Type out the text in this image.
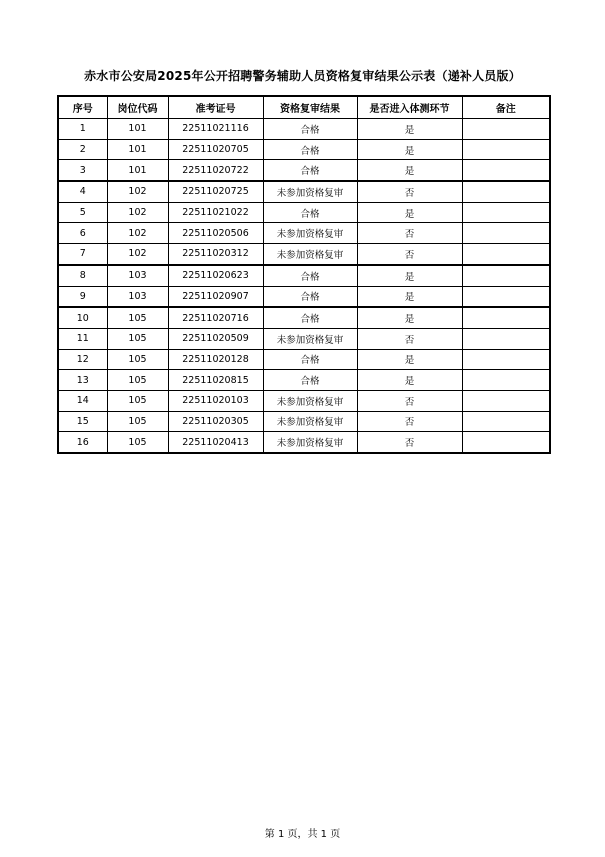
赤水市公安局2025年公开招聘警务辅助人员资格复审结果公示表（递补人员版）
序号	岗位代码	准考证号	资格复审结果	是否进入体测环节	备注
1	101	22511021116	合格	是	
2	101	22511020705	合格	是	
3	101	22511020722	合格	是	
4	102	22511020725	未参加资格复审	否	
5	102	22511021022	合格	是	
6	102	22511020506	未参加资格复审	否	
7	102	22511020312	未参加资格复审	否	
8	103	22511020623	合格	是	
9	103	22511020907	合格	是	
10	105	22511020716	合格	是	
11	105	22511020509	未参加资格复审	否	
12	105	22511020128	合格	是	
13	105	22511020815	合格	是	
14	105	22511020103	未参加资格复审	否	
15	105	22511020305	未参加资格复审	否	
16	105	22511020413	未参加资格复审	否	
第 1 页，共 1 页
